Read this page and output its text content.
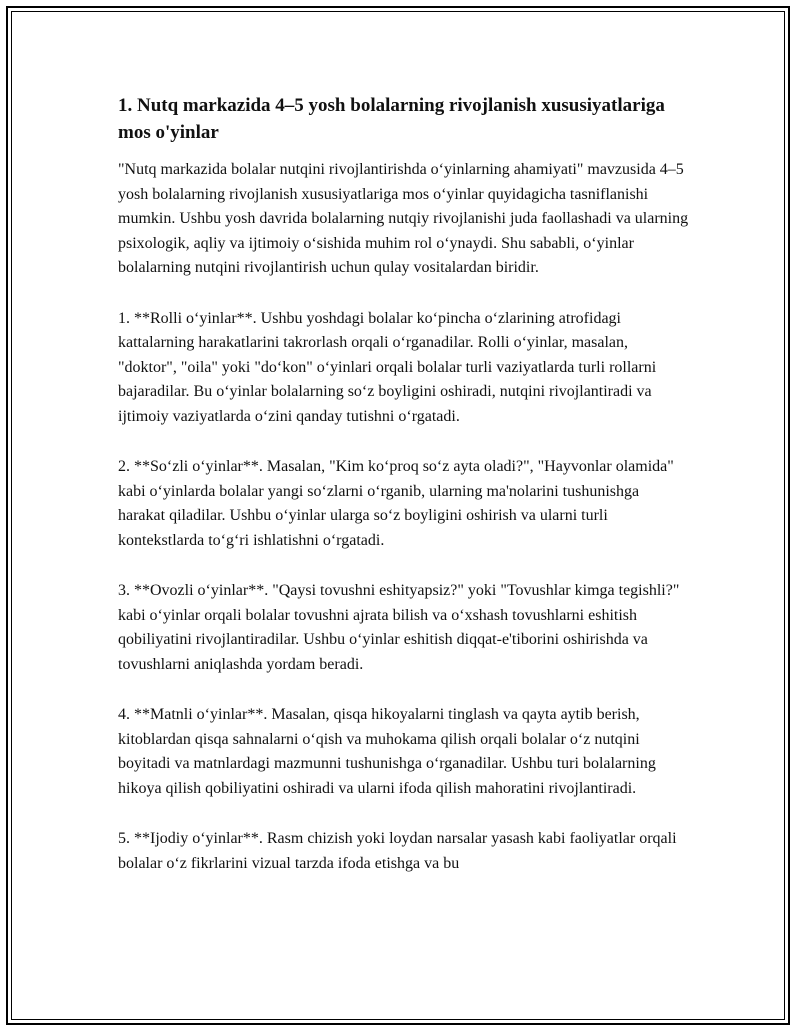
1. Nutq markazida 4–5 yosh bolalarning rivojlanish xususiyatlariga mos o'yinlar

"Nutq markazida bolalar nutqini rivojlantirishda o‘yinlarning ahamiyati" mavzusida 4–5 yosh bolalarning rivojlanish xususiyatlariga mos o‘yinlar quyidagicha tasniflanishi mumkin. Ushbu yosh davrida bolalarning nutqiy rivojlanishi juda faollashadi va ularning psixologik, aqliy va ijtimoiy o‘sishida muhim rol o‘ynaydi. Shu sababli, o‘yinlar bolalarning nutqini rivojlantirish uchun qulay vositalardan biridir.

1. **Rolli o‘yinlar**. Ushbu yoshdagi bolalar ko‘pincha o‘zlarining atrofidagi kattalarning harakatlarini takrorlash orqali o‘rganadilar. Rolli o‘yinlar, masalan, "doktor", "oila" yoki "do‘kon" o‘yinlari orqali bolalar turli vaziyatlarda turli rollarni bajaradilar. Bu o‘yinlar bolalarning so‘z boyligini oshiradi, nutqini rivojlantiradi va ijtimoiy vaziyatlarda o‘zini qanday tutishni o‘rgatadi.

2. **So‘zli o‘yinlar**. Masalan, "Kim ko‘proq so‘z ayta oladi?", "Hayvonlar olamida" kabi o‘yinlarda bolalar yangi so‘zlarni o‘rganib, ularning ma'nolarini tushunishga harakat qiladilar. Ushbu o‘yinlar ularga so‘z boyligini oshirish va ularni turli kontekstlarda to‘g‘ri ishlatishni o‘rgatadi.

3. **Ovozli o‘yinlar**. "Qaysi tovushni eshityapsiz?" yoki "Tovushlar kimga tegishli?" kabi o‘yinlar orqali bolalar tovushni ajrata bilish va o‘xshash tovushlarni eshitish qobiliyatini rivojlantiradilar. Ushbu o‘yinlar eshitish diqqat-e'tiborini oshirishda va tovushlarni aniqlashda yordam beradi.

4. **Matnli o‘yinlar**. Masalan, qisqa hikoyalarni tinglash va qayta aytib berish, kitoblardan qisqa sahnalarni o‘qish va muhokama qilish orqali bolalar o‘z nutqini boyitadi va matnlardagi mazmunni tushunishga o‘rganadilar. Ushbu turi bolalarning hikoya qilish qobiliyatini oshiradi va ularni ifoda qilish mahoratini rivojlantiradi.

5. **Ijodiy o‘yinlar**. Rasm chizish yoki loydan narsalar yasash kabi faoliyatlar orqali bolalar o‘z fikrlarini vizual tarzda ifoda etishga va bu
